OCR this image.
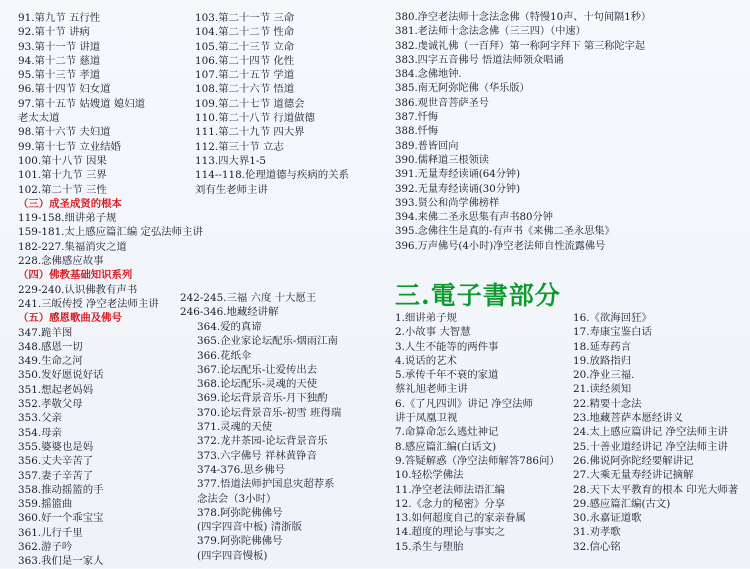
91.第九节 五行性
92.第十节 讲病
93.第十一节 讲道
94.第十二节 慈道
95.第十三节 孝道
96.第十四节 妇女道
97.第十五节 姑嫂道 媳妇道
老太太道
98.第十六节 夫妇道
99.第十七节 立业结婚
100.第十八节 因果
101.第十九节 三界
102.第二十节 三性
（三）成圣成贤的根本
119-158.细讲弟子规
159-181.太上感应篇汇编 定弘法师主讲
182-227.集福消灾之道
228.念佛感应故事
（四）佛教基础知识系列
229-240.认识佛教有声书
241.三皈传授 净空老法师主讲
（五）感恩歌曲及佛号
347.跪羊图
348.感恩一切
349.生命之河
350.发好愿说好话
351.想起老妈妈
352.孝敬父母
353.父亲
354.母亲
355.婆婆也是妈
356.丈夫辛苦了
357.妻子辛苦了
358.推动摇篮的手
359.摇篮曲
360.好一个乖宝宝
361.儿行千里
362.游子吟
363.我们是一家人
103.第二十一节 三命
104.第二十二节 性命
105.第二十三节 立命
106.第二十四节 化性
107.第二十五节 学道
108.第二十六节 悟道
109.第二十七节 道德会
110.第二十八节 行道做德
111.第二十九节 四大界
112.第三十节 立志
113.四大界1-5
114--118.伦理道德与疾病的关系
刘有生老师主讲
242-245.三福 六度 十大愿王
246-346.地藏经讲解
364.爱的真谛
365.企业家论坛配乐-烟雨江南
366.花纸伞
367.论坛配乐-让爱传出去
368.论坛配乐-灵魂的天使
369.论坛背景音乐-月下独酌
370.论坛背景音乐-初雪 班得瑞
371.灵魂的天使
372.龙井茶园-论坛背景音乐
373.六字佛号 祥林黄铮音
374-376.思乡佛号
377.悟道法师护国息灾超荐系
念法会（3小时）
378.阿弥陀佛佛号
(四字四音中板) 清浙版
379.阿弥陀佛佛号
(四字四音慢板)
380.净空老法师十念法念佛（特慢10声、十句间隔1秒）
381.老法师十念法念佛（三三四）（中速）
382.虔诚礼佛（一百拜）第一称阿字拜下 第三称陀字起
383.四字五音佛号 悟道法师领众唱诵
384.念佛地钟.
385.南无阿弥陀佛（华乐版）
386.观世音菩萨圣号
387.忏悔
388.忏悔
389.普皆回向
390.儒释道三根领读
391.无量寿经读诵(64分钟)
392.无量寿经读诵(30分钟)
393.贤公和尚学佛榜样
394.来佛二圣永思集有声书80分钟
395.念佛往生是真的-有声书《来佛二圣永思集》
396.万声佛号(4小时)净空老法师自性流露佛号
三.電子書部分
1.细讲弟子规
2.小故事 大智慧
3.人生不能等的两件事
4.说话的艺术
5.承传千年不衰的家道
蔡礼旭老师主讲
6.《了凡四训》讲记 净空法师
讲于凤凰卫视
7.命算命怎么逃灶神记
8.感应篇汇编(白话文)
9.答疑解惑（净空法师解答786问）
10.轻松学佛法
11.净空老法师法语汇编
12.《念力的秘密》分享
13.如何超度自己的家亲眷属
14.超度的理论与事实之
15.杀生与堕胎
16.《欲海回狂》
17.寿康宝鉴白话
18.延寿药言
19.放路指归
20.净业三福.
21.读经须知
22.精要十念法
23.地藏菩萨本愿经讲义
24.太上感应篇讲记 净空法师主讲
25.十善业道经讲记 净空法师主讲
26.佛说阿弥陀经要解讲记
27.大乘无量寿经讲记摘解
28.天下太平教育的根本 印光大师著
29.感应篇汇编(古文)
30.永嘉证道歌
31.劝孝歌
32.信心铭
